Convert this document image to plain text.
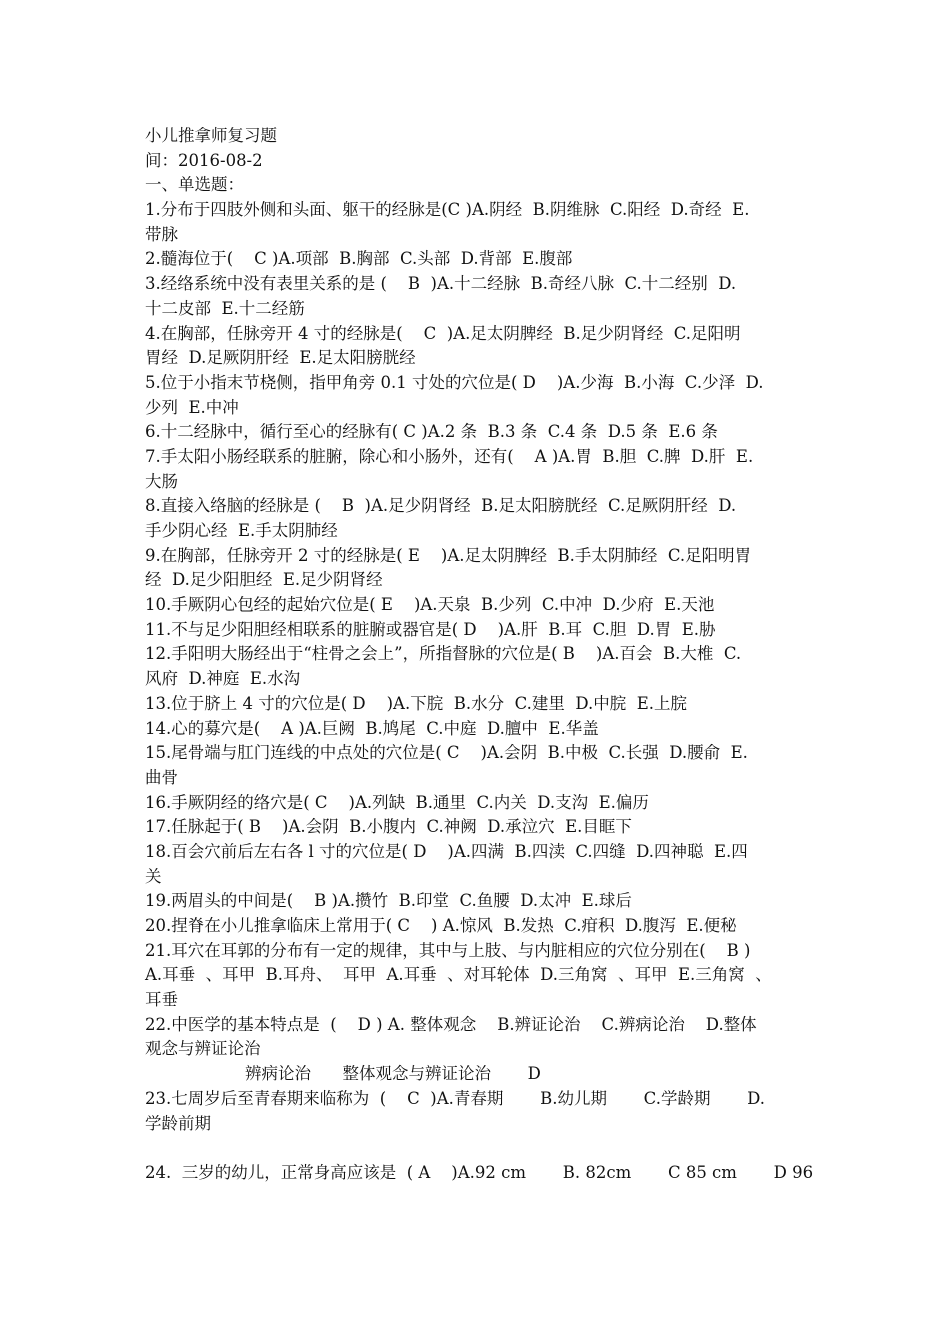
小儿推拿师复习题
间：2016-08-2
一、单选题：
1.分布于四肢外侧和头面、躯干的经脉是(C )A.阴经  B.阴维脉  C.阳经  D.奇经  E.
带脉
2.髓海位于(    C )A.项部  B.胸部  C.头部  D.背部  E.腹部
3.经络系统中没有表里关系的是 (    B  )A.十二经脉  B.奇经八脉  C.十二经别  D.
十二皮部  E.十二经筋
4.在胸部，任脉旁开 4 寸的经脉是(    C  )A.足太阴脾经  B.足少阴肾经  C.足阳明
胃经  D.足厥阴肝经  E.足太阳膀胱经
5.位于小指末节桡侧，指甲角旁 0.1 寸处的穴位是( D    )A.少海  B.小海  C.少泽  D.
少列  E.中冲
6.十二经脉中，循行至心的经脉有( C )A.2 条  B.3 条  C.4 条  D.5 条  E.6 条
7.手太阳小肠经联系的脏腑，除心和小肠外，还有(    A )A.胃  B.胆  C.脾  D.肝  E.
大肠
8.直接入络脑的经脉是 (    B  )A.足少阴肾经  B.足太阳膀胱经  C.足厥阴肝经  D.
手少阴心经  E.手太阴肺经
9.在胸部，任脉旁开 2 寸的经脉是( E    )A.足太阴脾经  B.手太阴肺经  C.足阳明胃
经  D.足少阳胆经  E.足少阴肾经
10.手厥阴心包经的起始穴位是( E    )A.天泉  B.少列  C.中冲  D.少府  E.天池
11.不与足少阳胆经相联系的脏腑或器官是( D    )A.肝  B.耳  C.胆  D.胃  E.胁
12.手阳明大肠经出于“柱骨之会上”，所指督脉的穴位是( B    )A.百会  B.大椎  C.
风府  D.神庭  E.水沟
13.位于脐上 4 寸的穴位是( D    )A.下脘  B.水分  C.建里  D.中脘  E.上脘
14.心的募穴是(    A )A.巨阙  B.鸠尾  C.中庭  D.膻中  E.华盖
15.尾骨端与肛门连线的中点处的穴位是( C    )A.会阴  B.中极  C.长强  D.腰俞  E.
曲骨
16.手厥阴经的络穴是( C    )A.列缺  B.通里  C.内关  D.支沟  E.偏历
17.任脉起于( B    )A.会阴  B.小腹内  C.神阙  D.承泣穴  E.目眶下
18.百会穴前后左右各 l 寸的穴位是( D    )A.四满  B.四渎  C.四缝  D.四神聪  E.四
关
19.两眉头的中间是(    B )A.攒竹  B.印堂  C.鱼腰  D.太冲  E.球后
20.捏脊在小儿推拿临床上常用于( C    ) A.惊风  B.发热  C.疳积  D.腹泻  E.便秘
21.耳穴在耳郭的分布有一定的规律，其中与上肢、与内脏相应的穴位分别在(    B )
A.耳垂  、耳甲  B.耳舟、  耳甲  A.耳垂  、对耳轮体  D.三角窝  、耳甲  E.三角窝  、
耳垂
22.中医学的基本特点是  (    D ) A. 整体观念    B.辨证论治    C.辨病论治    D.整体
观念与辨证论治
辨病论治      整体观念与辨证论治       D
23.七周岁后至青春期来临称为  (    C  )A.青春期       B.幼儿期       C.学龄期       D.
学龄前期
24.  三岁的幼儿，正常身高应该是  ( A    )A.92 cm       B. 82cm       C 85 cm       D 96
